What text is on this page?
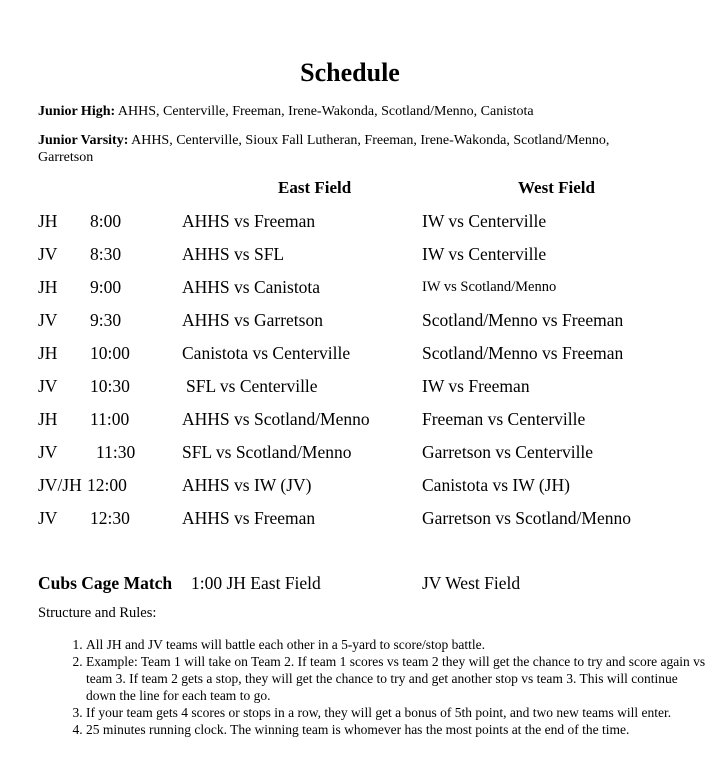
Schedule

Junior High: AHHS, Centerville, Freeman, Irene-Wakonda, Scotland/Menno, Canistota

Junior Varsity: AHHS, Centerville, Sioux Fall Lutheran, Freeman, Irene-Wakonda, Scotland/Menno, Garretson

East Field	West Field
JH 8:00	AHHS vs Freeman	IW vs Centerville
JV 8:30	AHHS vs SFL	IW vs Centerville
JH 9:00	AHHS vs Canistota	IW vs Scotland/Menno
JV 9:30	AHHS vs Garretson	Scotland/Menno vs Freeman
JH 10:00	Canistota vs Centerville	Scotland/Menno vs Freeman
JV 10:30	SFL vs Centerville	IW vs Freeman
JH 11:00	AHHS vs Scotland/Menno	Freeman vs Centerville
JV 11:30	SFL vs Scotland/Menno	Garretson vs Centerville
JV/JH 12:00	AHHS vs IW (JV)	Canistota vs IW (JH)
JV 12:30	AHHS vs Freeman	Garretson vs Scotland/Menno
Cubs Cage Match 1:00 JH East Field	JV West Field

Structure and Rules:

1. All JH and JV teams will battle each other in a 5-yard to score/stop battle.
2. Example: Team 1 will take on Team 2. If team 1 scores vs team 2 they will get the chance to try and score again vs team 3. If team 2 gets a stop, they will get the chance to try and get another stop vs team 3. This will continue down the line for each team to go.
3. If your team gets 4 scores or stops in a row, they will get a bonus of 5th point, and two new teams will enter.
4. 25 minutes running clock. The winning team is whomever has the most points at the end of the time.
